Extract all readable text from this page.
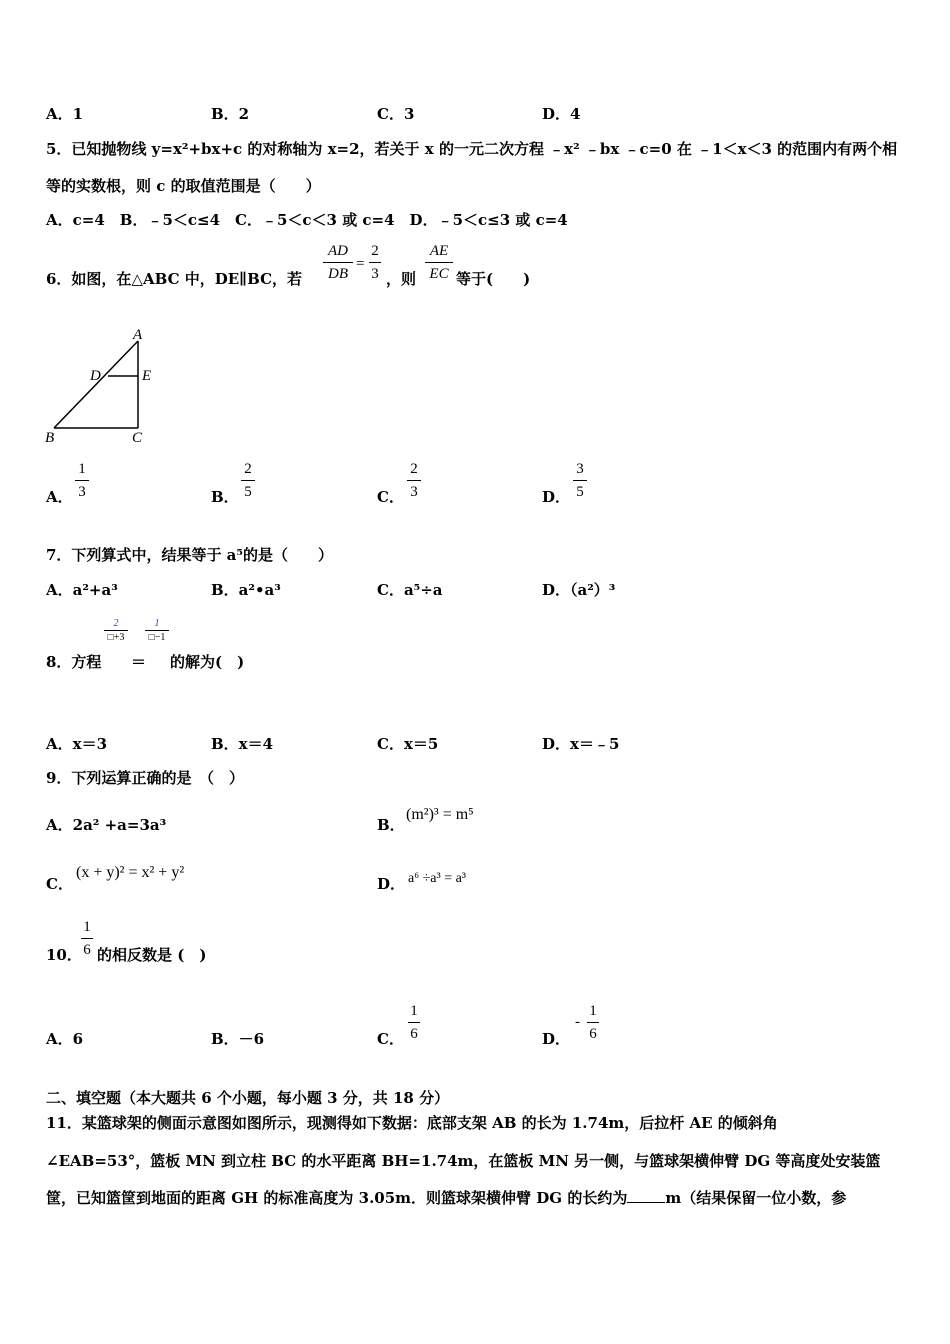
A．1	B．2	C．3	D．4
5．已知抛物线 y=x²+bx+c 的对称轴为 x=2，若关于 x 的一元二次方程 ﹣x² ﹣bx ﹣c=0 在 ﹣1＜x＜3 的范围内有两个相
等的实数根，则 c 的取值范围是（　　）
A．c=4　B．﹣5＜c≤4　C．﹣5＜c＜3 或 c=4　D．﹣5＜c≤3 或 c=4
6．如图，在△ABC 中，DE∥BC，若
AD
DB
=
2
3 ，则
AE
EC 等于(　　)
A
D	E
B	C
A．
1
3	B．
2
5	C．
2
3	D．
3
5
7．下列算式中，结果等于 a⁵的是（　　）
A．a²+a³	B．a²•a³	C．a⁵÷a	D．（a²）³
8．方程
2
□+3
＝
1
□−1
的解为(　)
A．x＝3	B．x＝4	C．x＝5	D．x＝﹣5
9．下列运算正确的是　（　）
A．2a² +a=3a³	B．
(m²)³ = m⁵
C．
(x + y)² = x² + y²
D． a⁶ ÷a³ = a³
10．
1
6 的相反数是 (　)
A．6	B．－6	C．
1
6	D．
-
1
6
二、填空题（本大题共 6 个小题，每小题 3 分，共 18 分）
11．某篮球架的侧面示意图如图所示，现测得如下数据：底部支架 AB 的长为 1.74m，后拉杆 AE 的倾斜角
∠EAB=53°，篮板 MN 到立柱 BC 的水平距离 BH=1.74m，在篮板 MN 另一侧，与篮球架横伸臂 DG 等高度处安装篮
筐，已知篮筐到地面的距离 GH 的标准高度为 3.05m．则篮球架横伸臂 DG 的长约为	m（结果保留一位小数，参
